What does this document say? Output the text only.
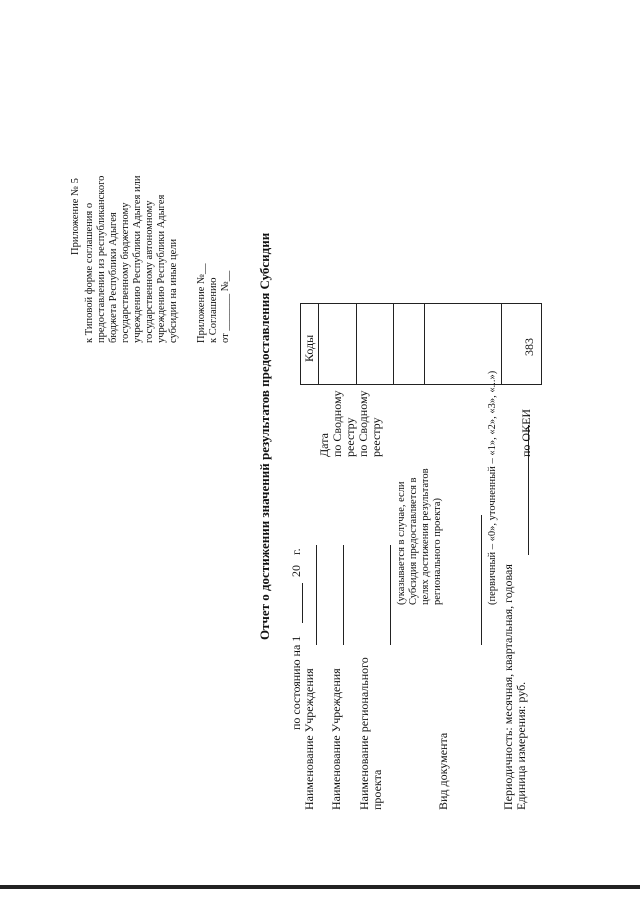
Приложение № 5 к Типовой форме соглашения о предоставлении из республиканского бюджета Республики Адыгея государственному бюджетному учреждению Республики Адыгея или государственному автономному учреждению Республики Адыгея субсидии на иные цели Приложение №__ к Соглашению от _______ №__ Отчет о достижении значений результатов предоставления Субсидии
по состоянию на 1
20
г.
Наименование Учреждения Наименование Учреждения Наименование регионального проекта
(указывается в случае, если Субсидия предоставляется в целях достижения результатов регионального проекта)
Вид документа
(первичный – «0», уточненный – «1», «2», «3», «...»)
Периодичность: месячная, квартальная, годовая Единица измерения: руб.
Дата по Сводному реестру по Сводному реестру	по ОКЕИ
Коды	383
